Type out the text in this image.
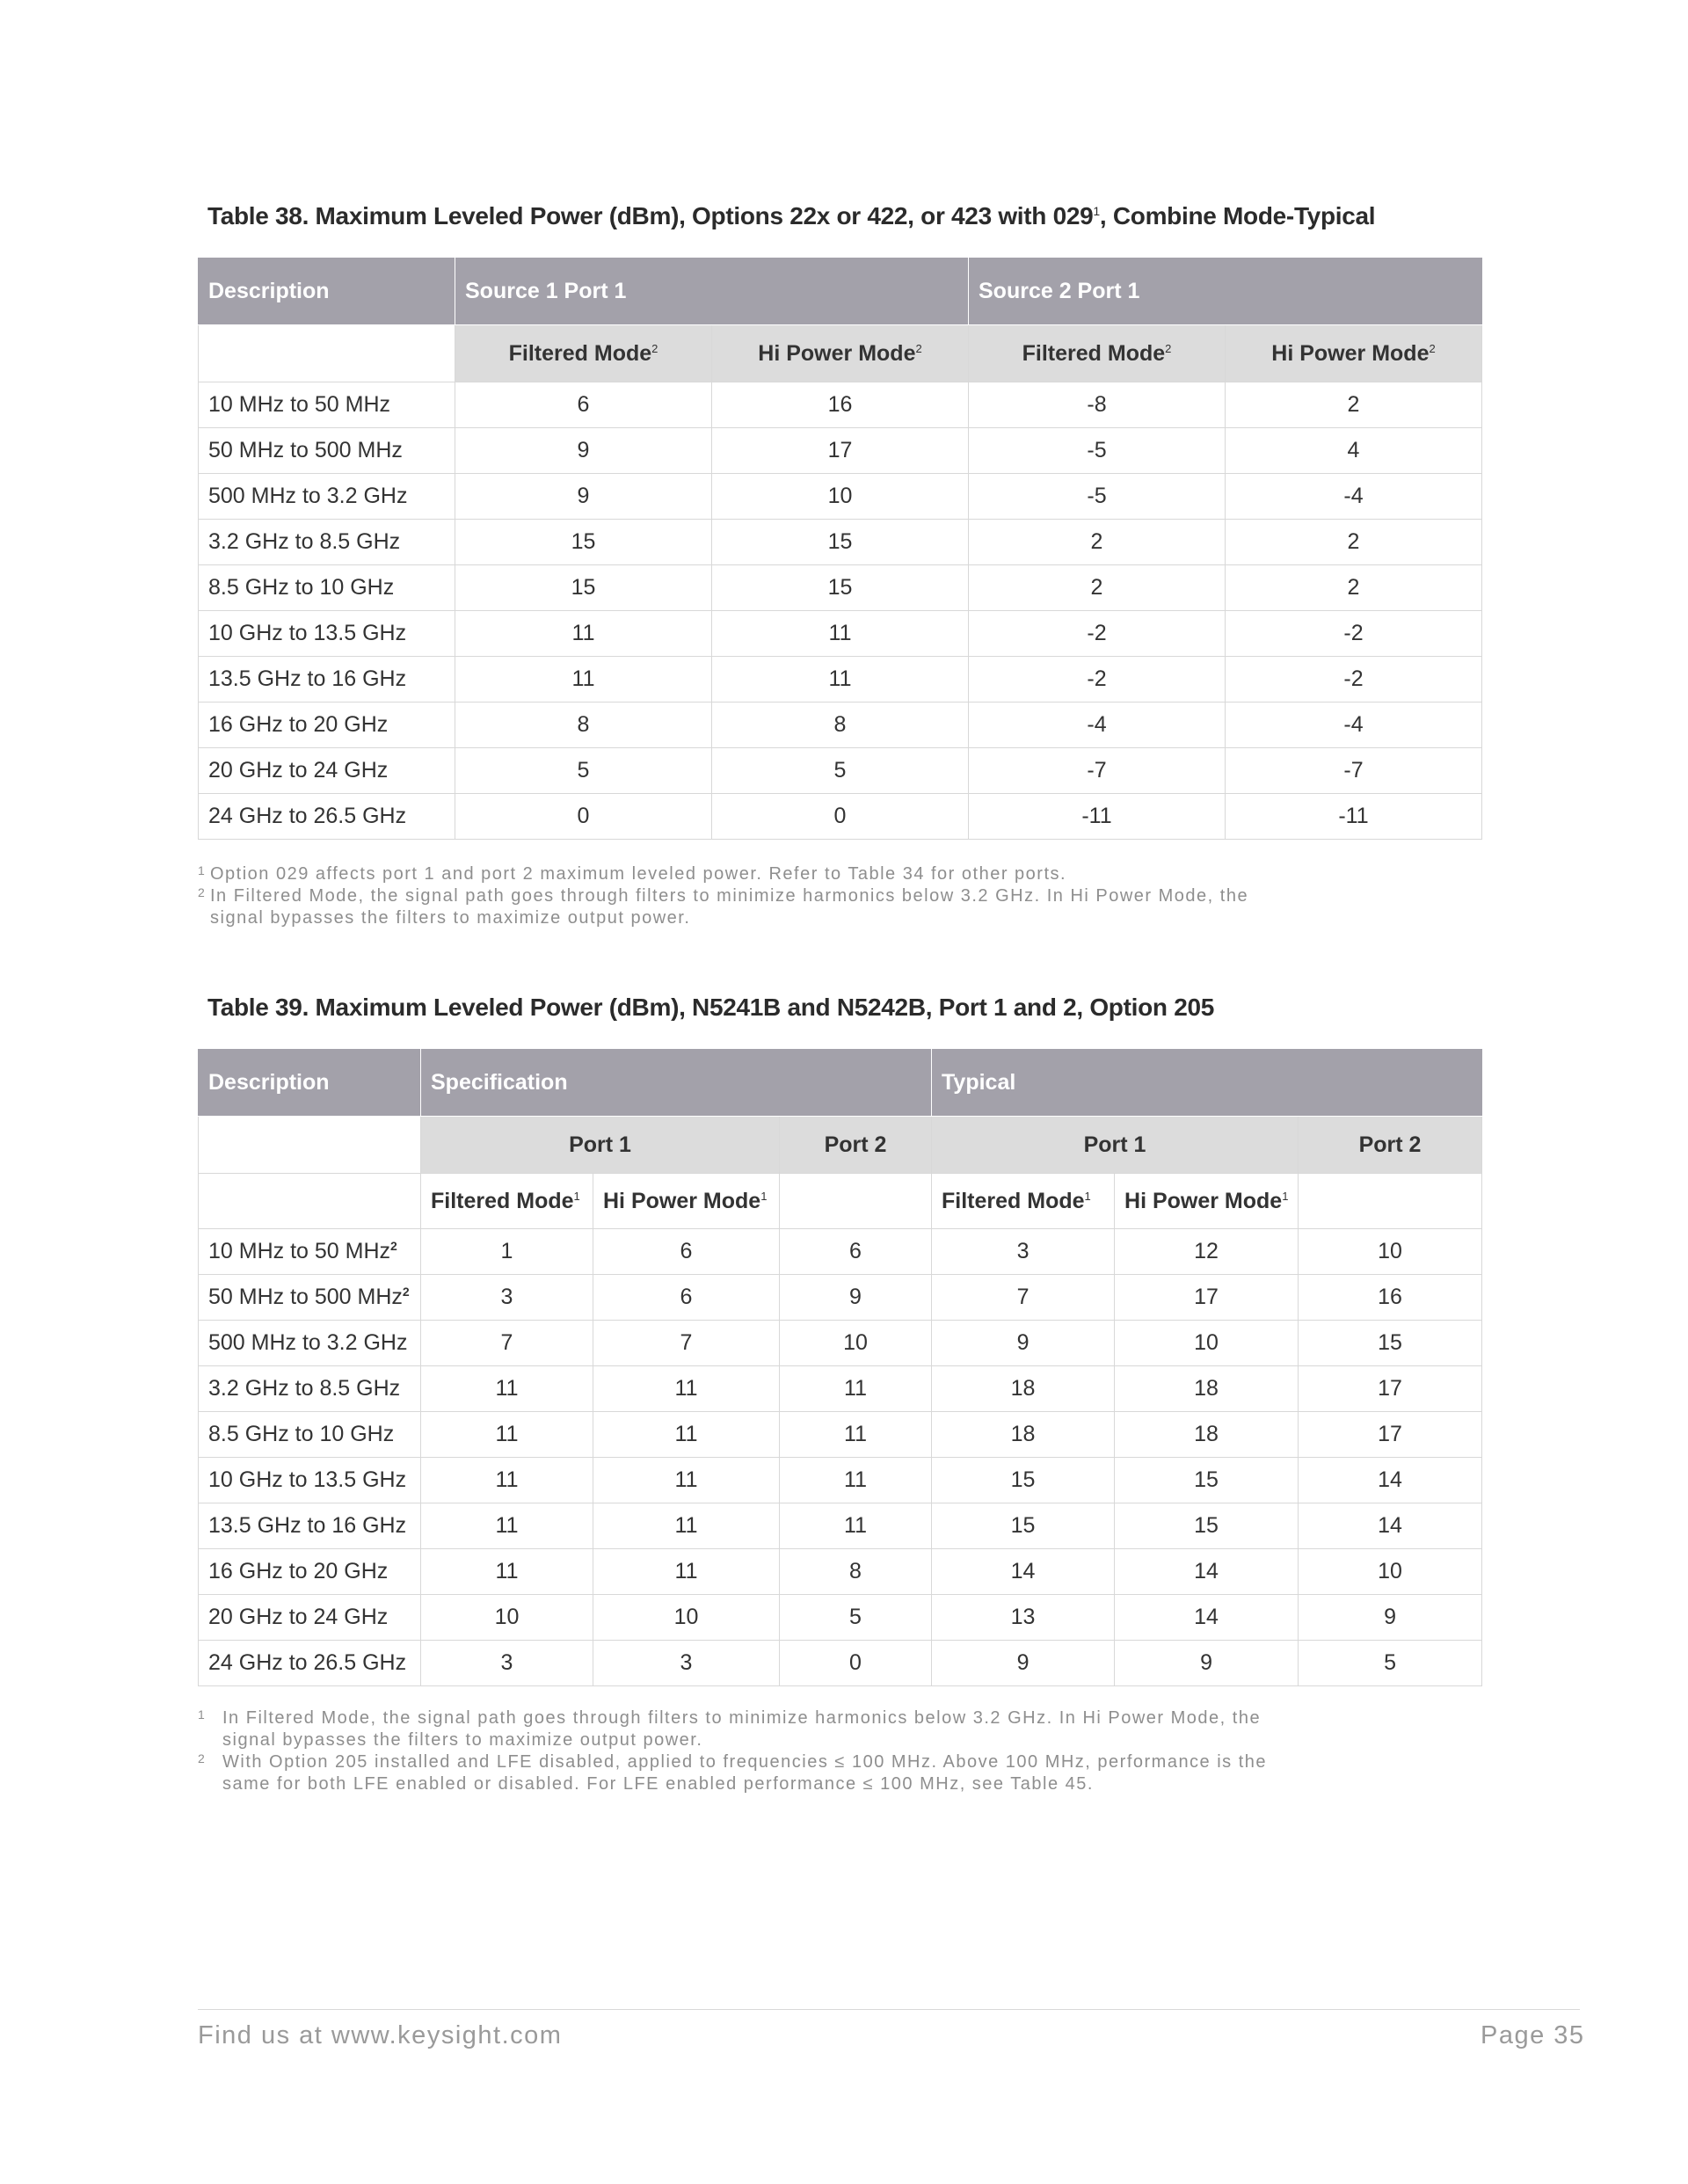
Table 38. Maximum Leveled Power (dBm), Options 22x or 422, or 423 with $029^1$, Combine Mode-Typical
Description	Source 1 Port 1		Source 2 Port 1	
	Filtered Mode$^2$	Hi Power Mode$^2$	Filtered Mode$^2$	Hi Power Mode$^2$
10 MHz to 50 MHz	6	16	-8	2
50 MHz to 500 MHz	9	17	-5	4
500 MHz to 3.2 GHz	9	10	-5	-4
3.2 GHz to 8.5 GHz	15	15	2	2
8.5 GHz to 10 GHz	15	15	2	2
10 GHz to 13.5 GHz	11	11	-2	-2
13.5 GHz to 16 GHz	11	11	-2	-2
16 GHz to 20 GHz	8	8	-4	-4
20 GHz to 24 GHz	5	5	-7	-7
24 GHz to 26.5 GHz	0	0	-11	-11
1 Option 029 affects port 1 and port 2 maximum leveled power. Refer to Table 34 for other ports.
2 In Filtered Mode, the signal path goes through filters to minimize harmonics below 3.2 GHz. In Hi Power Mode, the
signal bypasses the filters to maximize output power.
Table 39. Maximum Leveled Power (dBm), N5241B and N5242B, Port 1 and 2, Option 205
Description	Specification			Typical		
	Port 1		Port 2	Port 1		Port 2
	Filtered Mode$^1$	Hi Power Mode$^1$		Filtered Mode$^1$	Hi Power Mode$^1$	
10 MHz to 50 MHz$^2$	1	6	6	3	12	10
50 MHz to 500 MHz$^2$	3	6	9	7	17	16
500 MHz to 3.2 GHz	7	7	10	9	10	15
3.2 GHz to 8.5 GHz	11	11	11	18	18	17
8.5 GHz to 10 GHz	11	11	11	18	18	17
10 GHz to 13.5 GHz	11	11	11	15	15	14
13.5 GHz to 16 GHz	11	11	11	15	15	14
16 GHz to 20 GHz	11	11	8	14	14	10
20 GHz to 24 GHz	10	10	5	13	14	9
24 GHz to 26.5 GHz	3	3	0	9	9	5
1 In Filtered Mode, the signal path goes through filters to minimize harmonics below 3.2 GHz. In Hi Power Mode, the
signal bypasses the filters to maximize output power.
2 With Option 205 installed and LFE disabled, applied to frequencies ≤ 100 MHz. Above 100 MHz, performance is the
same for both LFE enabled or disabled. For LFE enabled performance ≤ 100 MHz, see Table 45.
Find us at www.keysight.com	Page 35
